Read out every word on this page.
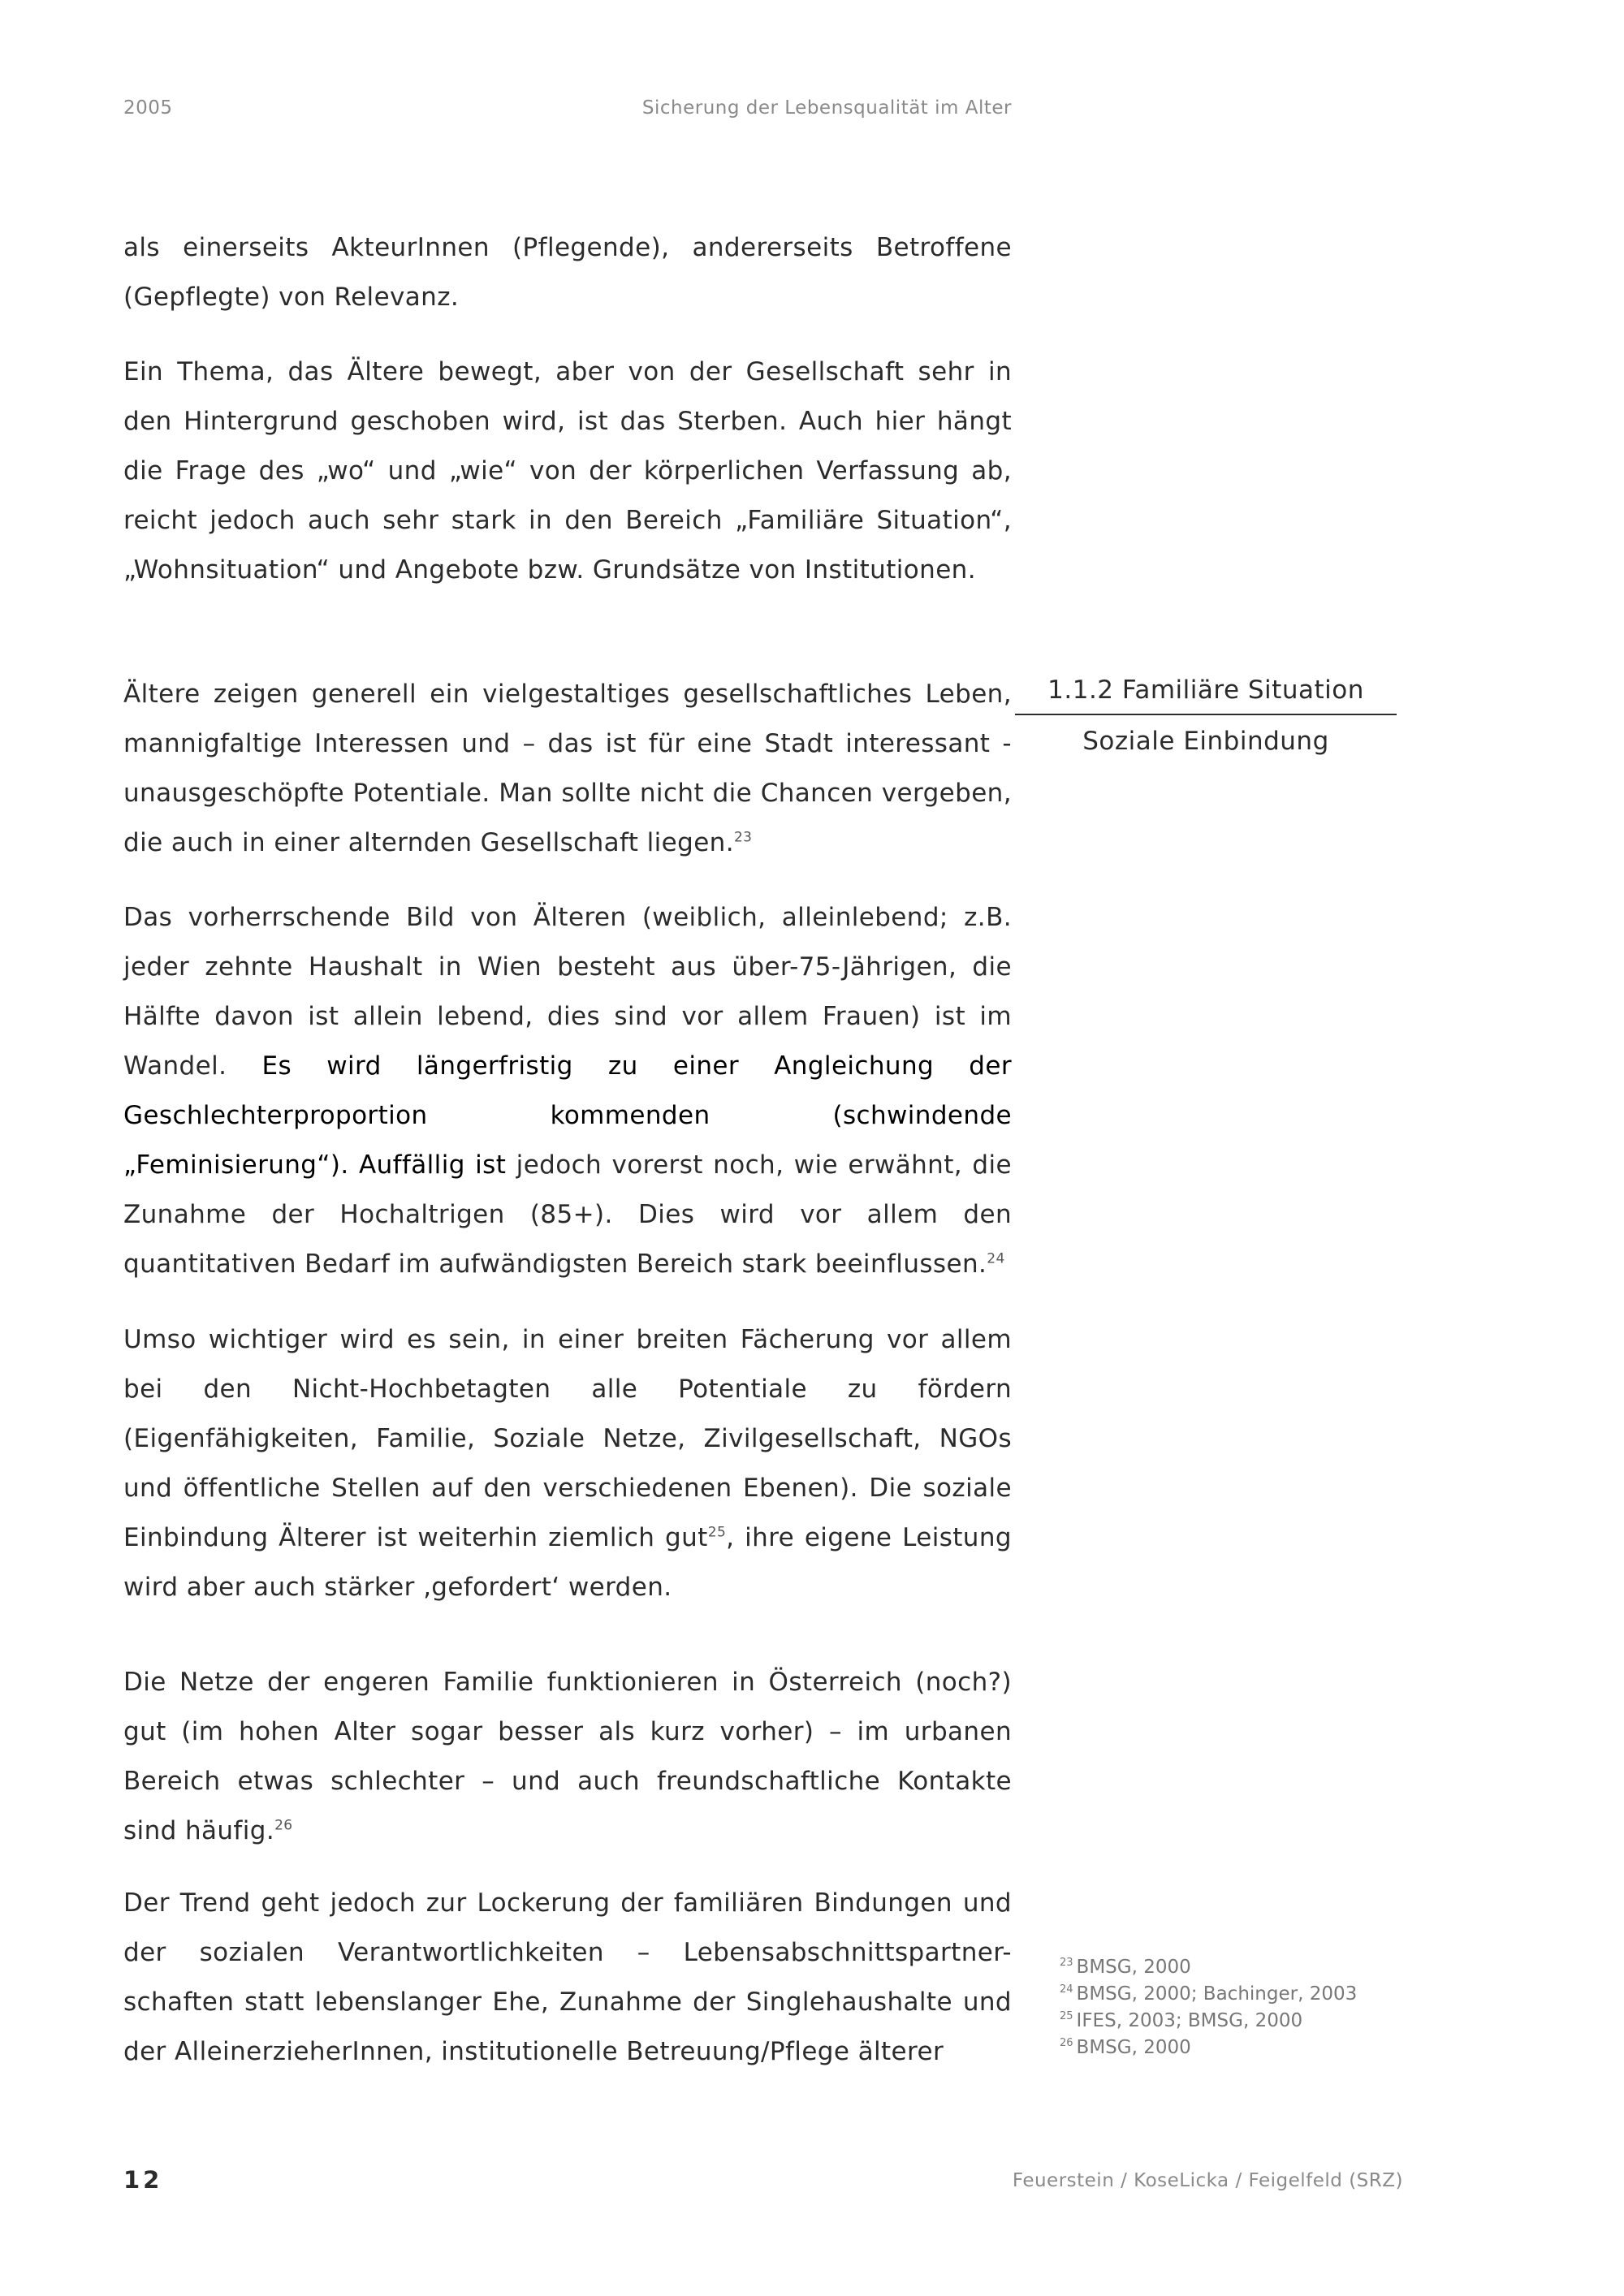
2005	Sicherung der Lebensqualität im Alter

als einerseits AkteurInnen (Pflegende), andererseits Betroffene (Gepflegte) von Relevanz.

Ein Thema, das Ältere bewegt, aber von der Gesellschaft sehr in den Hintergrund geschoben wird, ist das Sterben. Auch hier hängt die Frage des „wo“ und „wie“ von der körperlichen Verfassung ab, reicht jedoch auch sehr stark in den Bereich „Familiäre Situation“, „Wohnsituation“ und Angebote bzw. Grundsätze von Institutionen.

Ältere zeigen generell ein vielgestaltiges gesellschaftliches Leben, mannigfaltige Interessen und – das ist für eine Stadt interessant - unausgeschöpfte Potentiale. Man sollte nicht die Chancen vergeben, die auch in einer alternden Gesellschaft liegen.$^{23}$

Das vorherrschende Bild von Älteren (weiblich, alleinlebend; z.B. jeder zehnte Haushalt in Wien besteht aus über-75-Jährigen, die Hälfte davon ist allein lebend, dies sind vor allem Frauen) ist im Wandel. Es wird längerfristig zu einer Angleichung der Geschlechterproportion kommenden (schwindende „Feminisierung“). Auffällig ist jedoch vorerst noch, wie erwähnt, die Zunahme der Hochaltrigen (85+). Dies wird vor allem den quantitativen Bedarf im aufwändigsten Bereich stark beeinflussen.$^{24}$

Umso wichtiger wird es sein, in einer breiten Fächerung vor allem bei den Nicht-Hochbetagten alle Potentiale zu fördern (Eigenfähigkeiten, Familie, Soziale Netze, Zivilgesellschaft, NGOs und öffentliche Stellen auf den verschiedenen Ebenen). Die soziale Einbindung Älterer ist weiterhin ziemlich gut$^{25}$, ihre eigene Leistung wird aber auch stärker ‚gefordert‘ werden.

Die Netze der engeren Familie funktionieren in Österreich (noch?) gut (im hohen Alter sogar besser als kurz vorher) – im urbanen Bereich etwas schlechter – und auch freundschaftliche Kontakte sind häufig.$^{26}$

Der Trend geht jedoch zur Lockerung der familiären Bindungen und der sozialen Verantwortlichkeiten – Lebensabschnittspartner-schaften statt lebenslanger Ehe, Zunahme der Singlehaushalte und der AlleinerzieherInnen, institutionelle Betreuung/Pflege älterer

1.1.2 Familiäre Situation
Soziale Einbindung
$^{23}$ BMSG, 2000
$^{24}$ BMSG, 2000; Bachinger, 2003
$^{25}$ IFES, 2003; BMSG, 2000
$^{26}$ BMSG, 2000
12	Feuerstein / KoseLicka / Feigelfeld (SRZ)
